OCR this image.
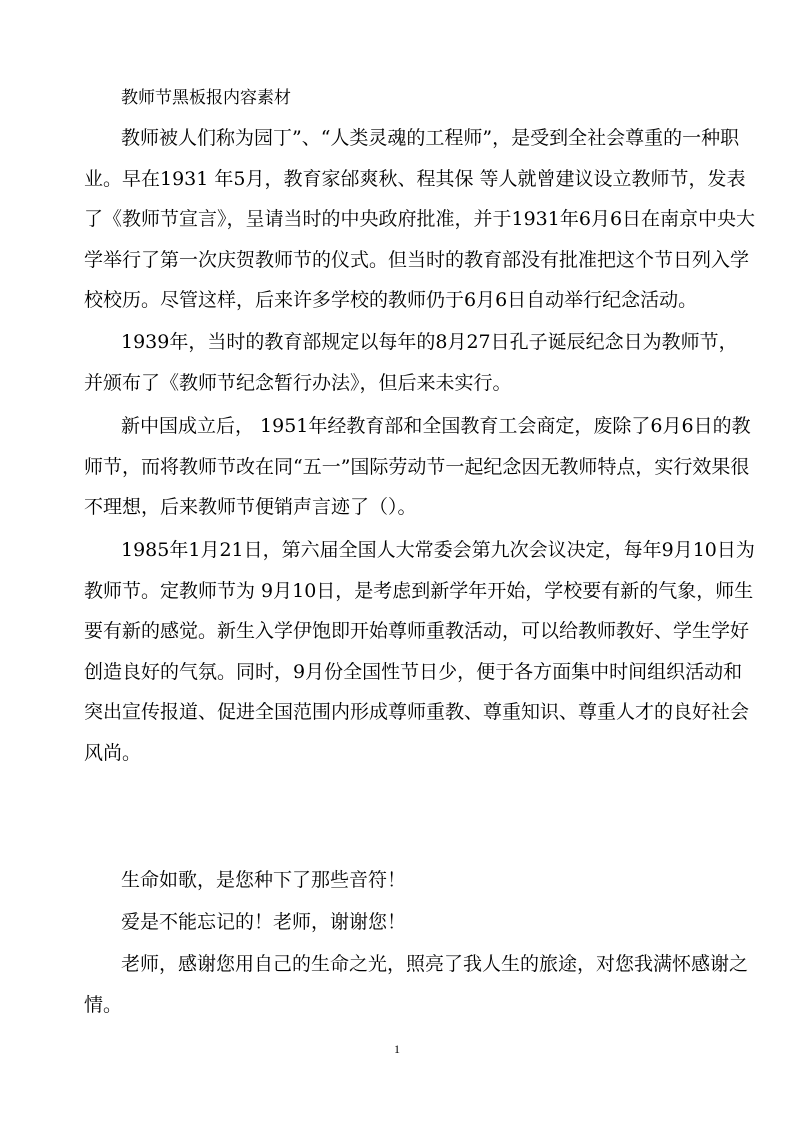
教师节黑板报内容素材

教师被人们称为园丁”、“人类灵魂的工程师”，是受到全社会尊重的一种职业。早在1931 年5月，教育家邰爽秋、程其保 等人就曾建议设立教师节，发表了《教师节宣言》，呈请当时的中央政府批准，并于1931年6月6日在南京中央大学举行了第一次庆贺教师节的仪式。但当时的教育部没有批准把这个节日列入学校校历。尽管这样，后来许多学校的教师仍于6月6日自动举行纪念活动。

1939年，当时的教育部规定以每年的8月27日孔子诞辰纪念日为教师节，并颁布了《教师节纪念暂行办法》，但后来未实行。

新中国成立后， 1951年经教育部和全国教育工会商定，废除了6月6日的教师节，而将教师节改在同“五一”国际劳动节一起纪念因无教师特点，实行效果很不理想，后来教师节便销声言迹了（）。

1985年1月21日，第六届全国人大常委会第九次会议决定，每年9月10日为教师节。定教师节为 9月10日，是考虑到新学年开始，学校要有新的气象，师生要有新的感觉。新生入学伊饱即开始尊师重教活动，可以给教师教好、学生学好创造良好的气氛。同时，9月份全国性节日少，便于各方面集中时间组织活动和突出宣传报道、促进全国范围内形成尊师重教、尊重知识、尊重人才的良好社会风尚。

生命如歌，是您种下了那些音符！

爱是不能忘记的！老师，谢谢您！

老师，感谢您用自己的生命之光，照亮了我人生的旅途，对您我满怀感谢之情。

1
